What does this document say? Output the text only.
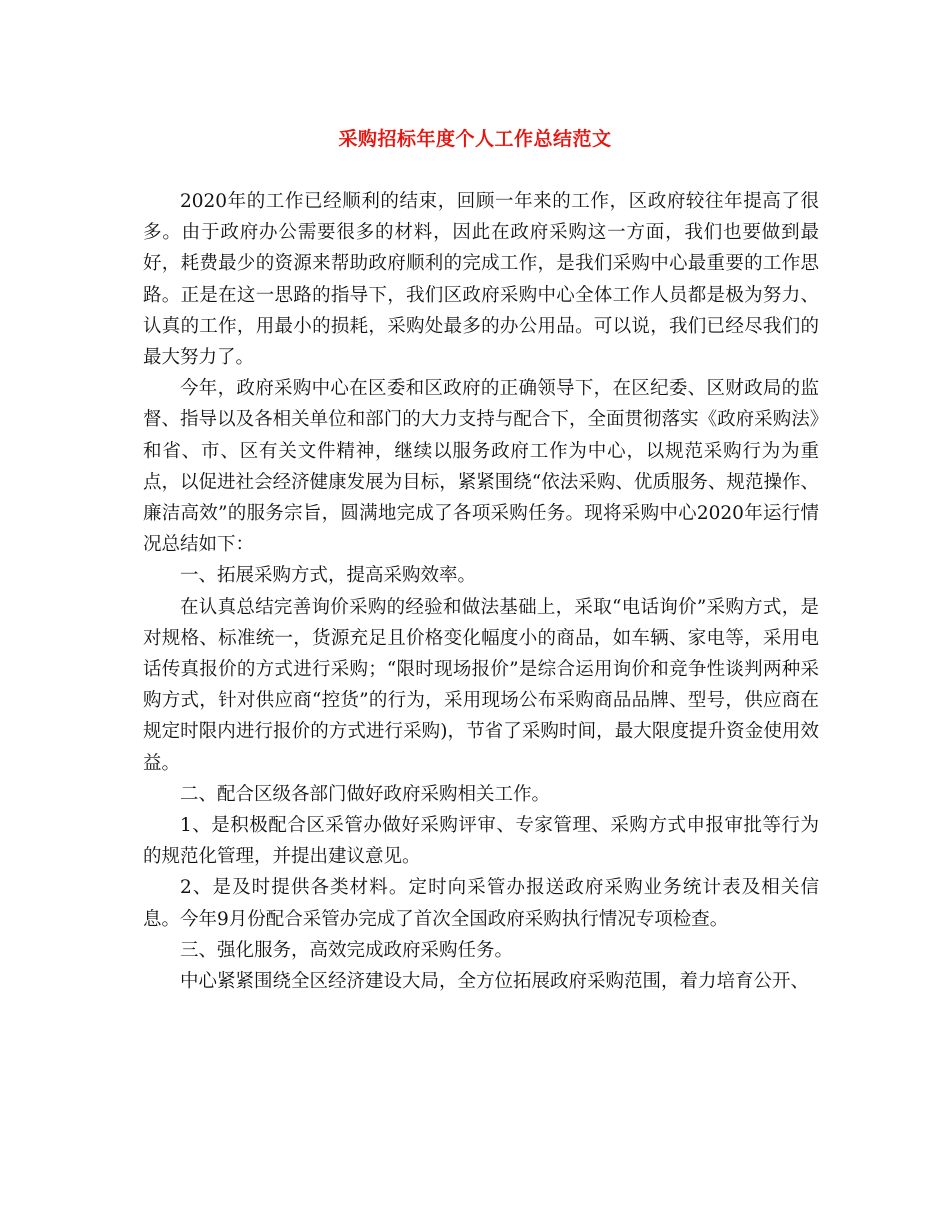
采购招标年度个人工作总结范文

2020年的工作已经顺利的结束，回顾一年来的工作，区政府较往年提高了很多。由于政府办公需要很多的材料，因此在政府采购这一方面，我们也要做到最好，耗费最少的资源来帮助政府顺利的完成工作，是我们采购中心最重要的工作思路。正是在这一思路的指导下，我们区政府采购中心全体工作人员都是极为努力、认真的工作，用最小的损耗，采购处最多的办公用品。可以说，我们已经尽我们的最大努力了。

今年，政府采购中心在区委和区政府的正确领导下，在区纪委、区财政局的监督、指导以及各相关单位和部门的大力支持与配合下，全面贯彻落实《政府采购法》和省、市、区有关文件精神，继续以服务政府工作为中心，以规范采购行为为重点，以促进社会经济健康发展为目标，紧紧围绕“依法采购、优质服务、规范操作、廉洁高效”的服务宗旨，圆满地完成了各项采购任务。现将采购中心2020年运行情况总结如下：

一、拓展采购方式，提高采购效率。

在认真总结完善询价采购的经验和做法基础上，采取“电话询价”采购方式，是对规格、标准统一，货源充足且价格变化幅度小的商品，如车辆、家电等，采用电话传真报价的方式进行采购；“限时现场报价”是综合运用询价和竞争性谈判两种采购方式，针对供应商“控货”的行为，采用现场公布采购商品品牌、型号，供应商在规定时限内进行报价的方式进行采购)，节省了采购时间，最大限度提升资金使用效益。

二、配合区级各部门做好政府采购相关工作。

1、是积极配合区采管办做好采购评审、专家管理、采购方式申报审批等行为的规范化管理，并提出建议意见。

2、是及时提供各类材料。定时向采管办报送政府采购业务统计表及相关信息。今年9月份配合采管办完成了首次全国政府采购执行情况专项检查。

三、强化服务，高效完成政府采购任务。

中心紧紧围绕全区经济建设大局，全方位拓展政府采购范围，着力培育公开、
